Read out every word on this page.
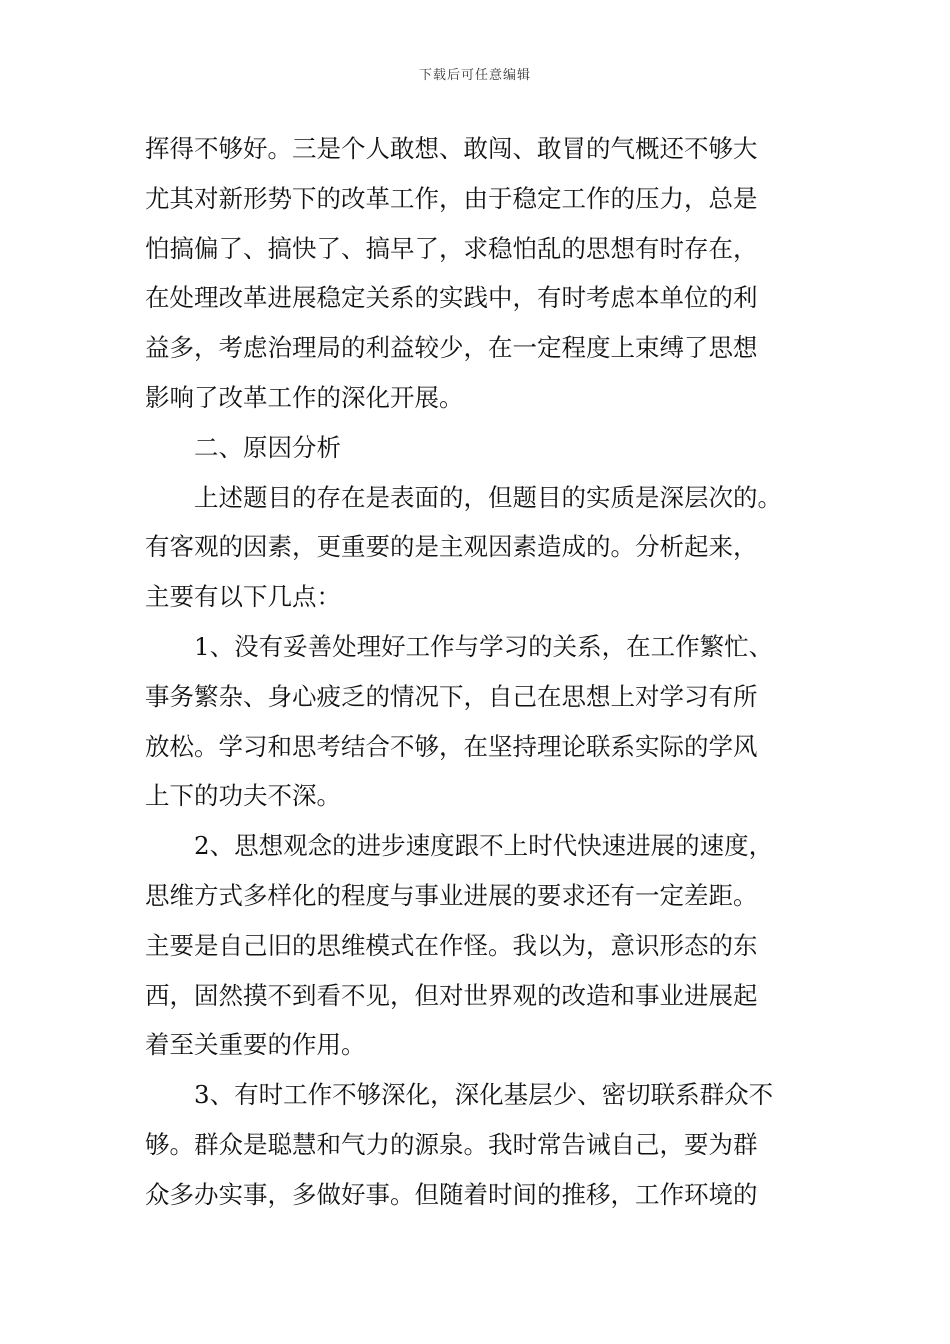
下载后可任意编辑
挥得不够好。三是个人敢想、敢闯、敢冒的气概还不够大
尤其对新形势下的改革工作，由于稳定工作的压力，总是
怕搞偏了、搞快了、搞早了，求稳怕乱的思想有时存在，
在处理改革进展稳定关系的实践中，有时考虑本单位的利
益多，考虑治理局的利益较少，在一定程度上束缚了思想
影响了改革工作的深化开展。
二、原因分析
上述题目的存在是表面的，但题目的实质是深层次的。
有客观的因素，更重要的是主观因素造成的。分析起来，
主要有以下几点：
1、没有妥善处理好工作与学习的关系，在工作繁忙、
事务繁杂、身心疲乏的情况下，自己在思想上对学习有所
放松。学习和思考结合不够，在坚持理论联系实际的学风
上下的功夫不深。
2、思想观念的进步速度跟不上时代快速进展的速度，
思维方式多样化的程度与事业进展的要求还有一定差距。
主要是自己旧的思维模式在作怪。我以为，意识形态的东
西，固然摸不到看不见，但对世界观的改造和事业进展起
着至关重要的作用。
3、有时工作不够深化，深化基层少、密切联系群众不
够。群众是聪慧和气力的源泉。我时常告诫自己，要为群
众多办实事，多做好事。但随着时间的推移，工作环境的
